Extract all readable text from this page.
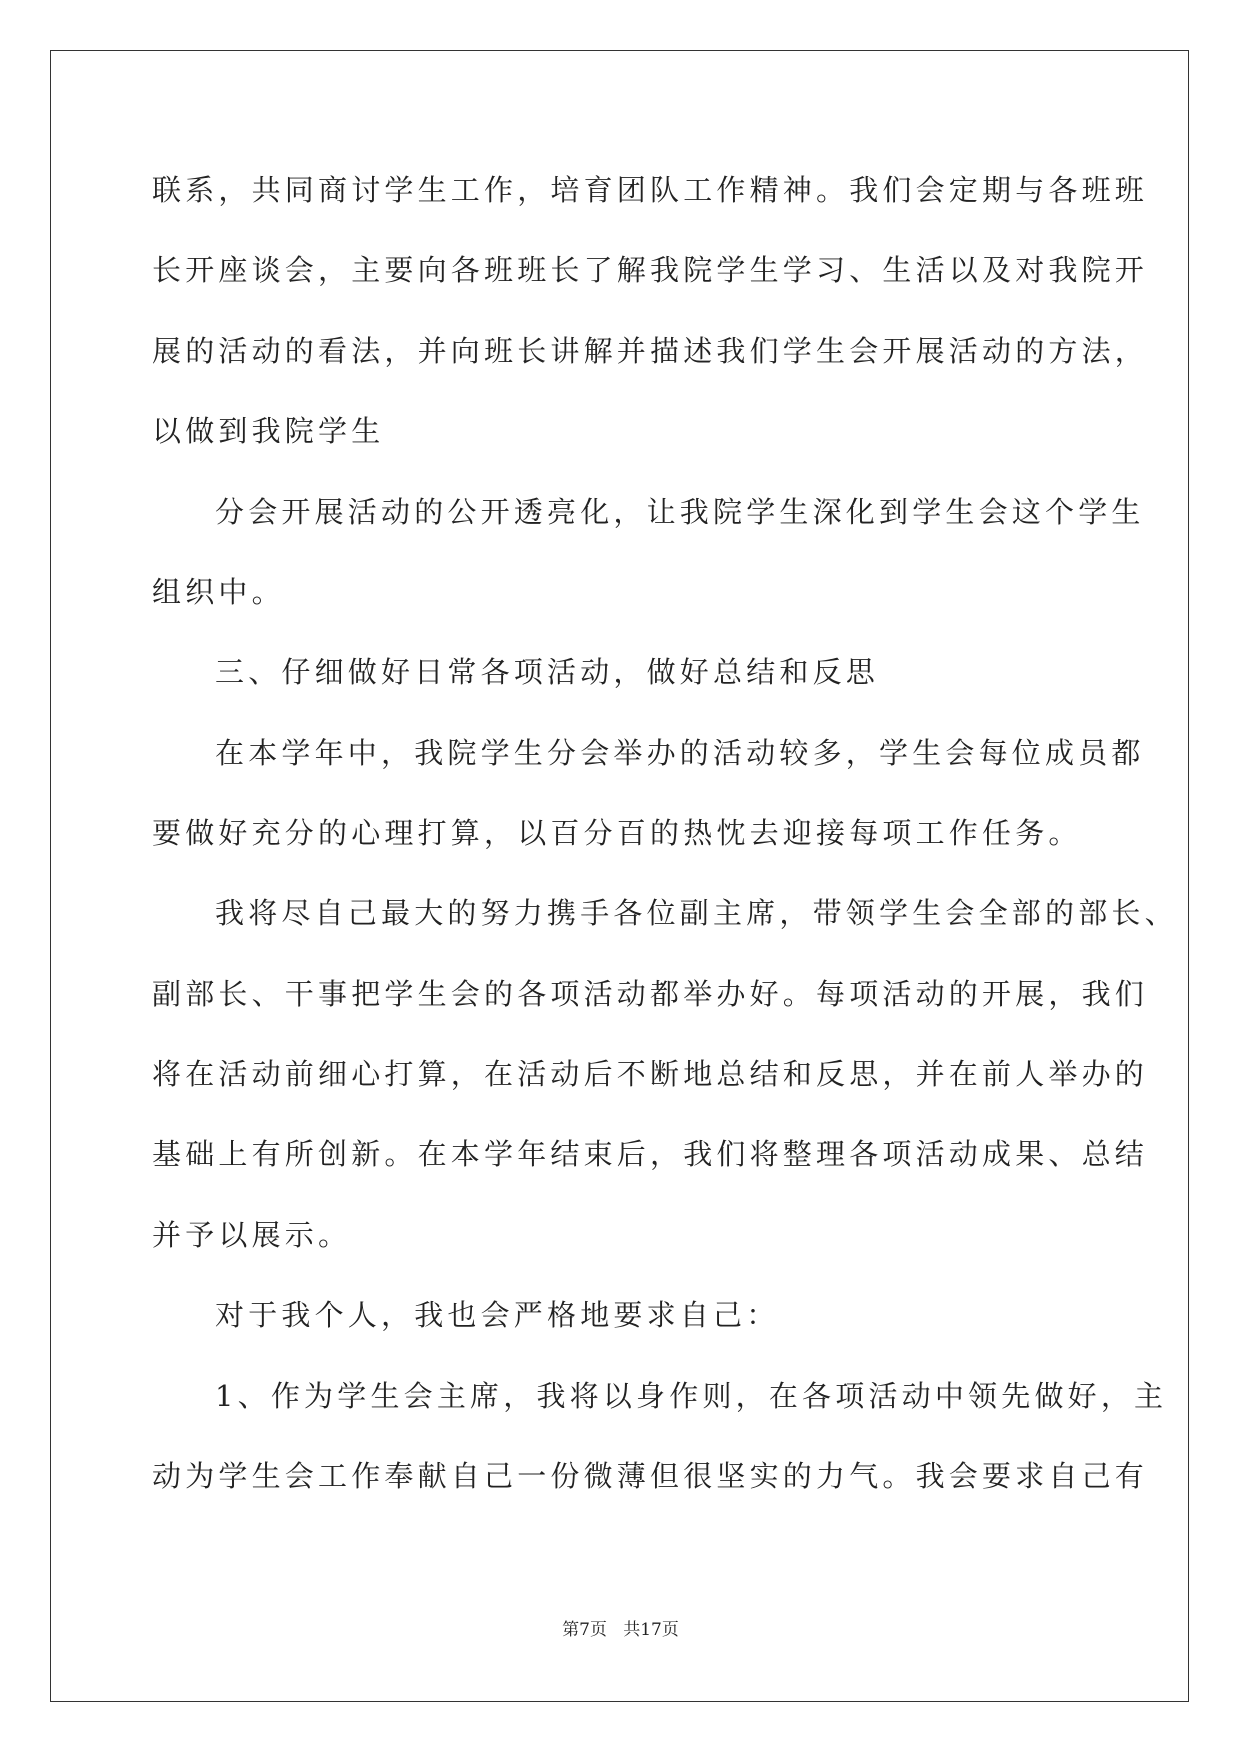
联系，共同商讨学生工作，培育团队工作精神。我们会定期与各班班
长开座谈会，主要向各班班长了解我院学生学习、生活以及对我院开
展的活动的看法，并向班长讲解并描述我们学生会开展活动的方法，
以做到我院学生
分会开展活动的公开透亮化，让我院学生深化到学生会这个学生
组织中。
三、仔细做好日常各项活动，做好总结和反思
在本学年中，我院学生分会举办的活动较多，学生会每位成员都
要做好充分的心理打算，以百分百的热忱去迎接每项工作任务。
我将尽自己最大的努力携手各位副主席，带领学生会全部的部长、
副部长、干事把学生会的各项活动都举办好。每项活动的开展，我们
将在活动前细心打算，在活动后不断地总结和反思，并在前人举办的
基础上有所创新。在本学年结束后，我们将整理各项活动成果、总结
并予以展示。
对于我个人，我也会严格地要求自己：
1、作为学生会主席，我将以身作则，在各项活动中领先做好，主
动为学生会工作奉献自己一份微薄但很坚实的力气。我会要求自己有
第7页 共17页
